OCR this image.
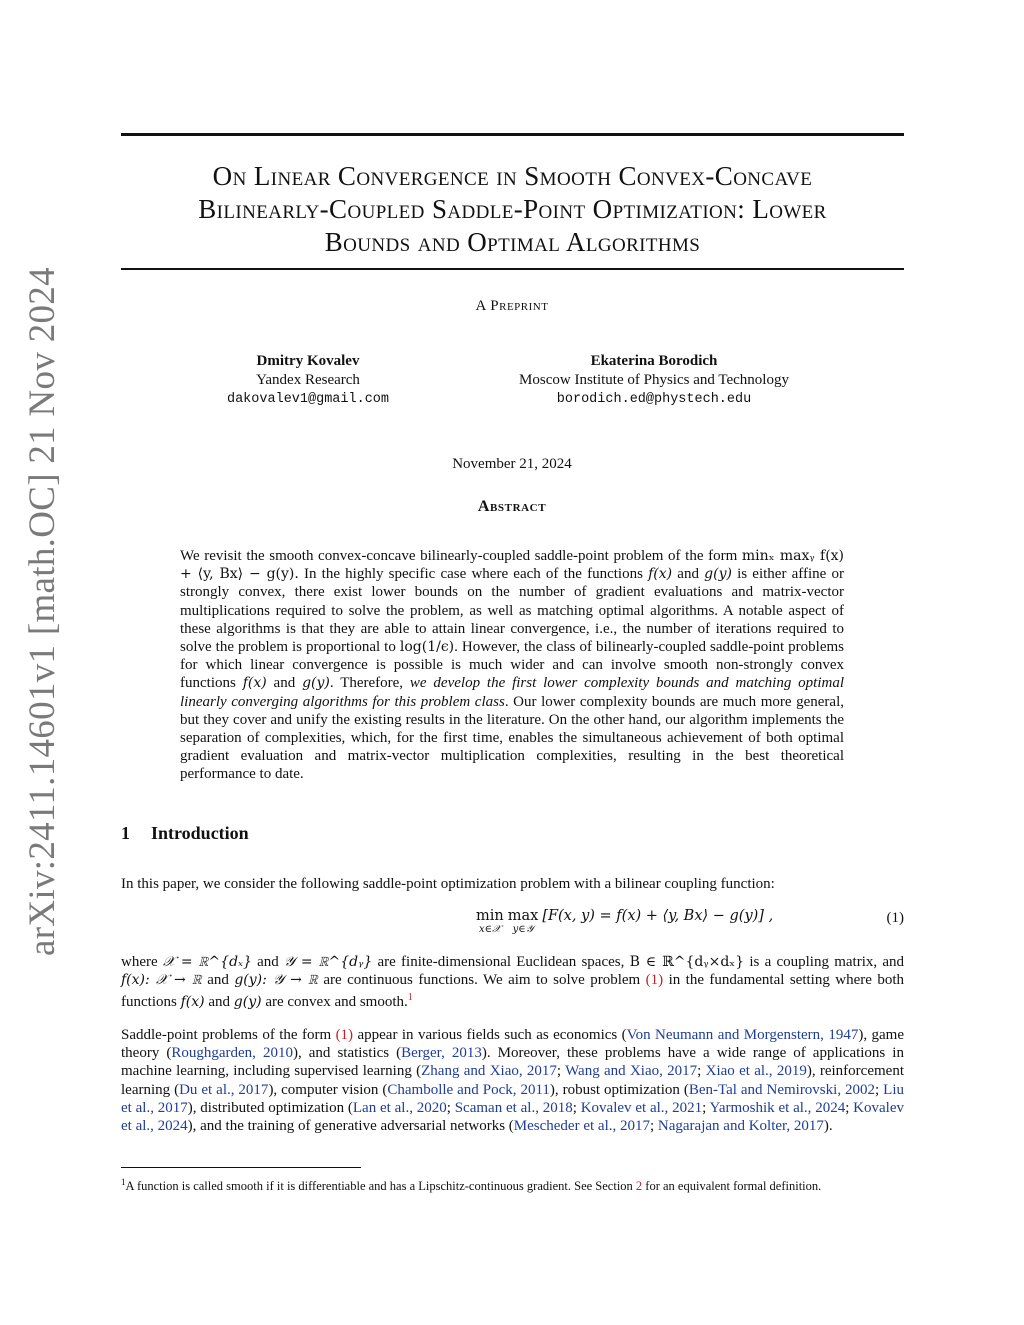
arXiv:2411.14601v1 [math.OC] 21 Nov 2024
On Linear Convergence in Smooth Convex-Concave
Bilinearly-Coupled Saddle-Point Optimization: Lower
Bounds and Optimal Algorithms
A Preprint
Dmitry Kovalev
Yandex Research
dakovalev1@gmail.com
Ekaterina Borodich
Moscow Institute of Physics and Technology
borodich.ed@phystech.edu
November 21, 2024
Abstract
We revisit the smooth convex-concave bilinearly-coupled saddle-point problem of the form minₓ maxᵧ f(x) + ⟨y, Bx⟩ − g(y). In the highly specific case where each of the functions f(x) and g(y) is either affine or strongly convex, there exist lower bounds on the number of gradient evaluations and matrix-vector multiplications required to solve the problem, as well as matching optimal algorithms. A notable aspect of these algorithms is that they are able to attain linear convergence, i.e., the number of iterations required to solve the problem is proportional to log(1/ϵ). However, the class of bilinearly-coupled saddle-point problems for which linear convergence is possible is much wider and can involve smooth non-strongly convex functions f(x) and g(y). Therefore, we develop the first lower complexity bounds and matching optimal linearly converging algorithms for this problem class. Our lower complexity bounds are much more general, but they cover and unify the existing results in the literature. On the other hand, our algorithm implements the separation of complexities, which, for the first time, enables the simultaneous achievement of both optimal gradient evaluation and matrix-vector multiplication complexities, resulting in the best theoretical performance to date.
1 Introduction
In this paper, we consider the following saddle-point optimization problem with a bilinear coupling function:
min
x∈𝒳
max
y∈𝒴
[F(x, y) = f(x) + ⟨y, Bx⟩ − g(y)] ,	(1)
where 𝒳 = ℝ^{dₓ} and 𝒴 = ℝ^{dᵧ} are finite-dimensional Euclidean spaces, B ∈ ℝ^{dᵧ×dₓ} is a coupling matrix, and f(x): 𝒳 → ℝ and g(y): 𝒴 → ℝ are continuous functions. We aim to solve problem (1) in the fundamental setting where both functions f(x) and g(y) are convex and smooth.$^1$
Saddle-point problems of the form (1) appear in various fields such as economics (Von Neumann and Morgenstern, 1947), game theory (Roughgarden, 2010), and statistics (Berger, 2013). Moreover, these problems have a wide range of applications in machine learning, including supervised learning (Zhang and Xiao, 2017; Wang and Xiao, 2017; Xiao et al., 2019), reinforcement learning (Du et al., 2017), computer vision (Chambolle and Pock, 2011), robust optimization (Ben-Tal and Nemirovski, 2002; Liu et al., 2017), distributed optimization (Lan et al., 2020; Scaman et al., 2018; Kovalev et al., 2021; Yarmoshik et al., 2024; Kovalev et al., 2024), and the training of generative adversarial networks (Mescheder et al., 2017; Nagarajan and Kolter, 2017).
$^1$A function is called smooth if it is differentiable and has a Lipschitz-continuous gradient. See Section 2 for an equivalent formal definition.
